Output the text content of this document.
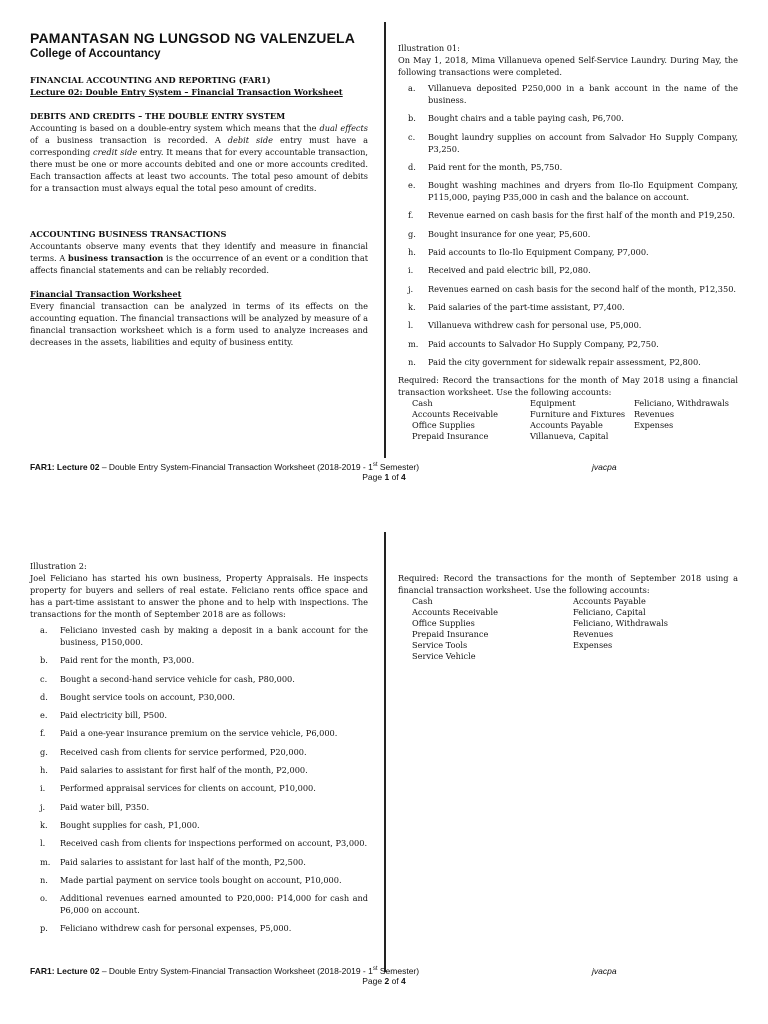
PAMANTASAN NG LUNGSOD NG VALENZUELA
College of Accountancy
FINANCIAL ACCOUNTING AND REPORTING (FAR1)
Lecture 02: Double Entry System – Financial Transaction Worksheet
DEBITS AND CREDITS – THE DOUBLE ENTRY SYSTEM
Accounting is based on a double-entry system which means that the dual effects of a business transaction is recorded. A debit side entry must have a corresponding credit side entry. It means that for every accountable transaction, there must be one or more accounts debited and one or more accounts credited. Each transaction affects at least two accounts. The total peso amount of debits for a transaction must always equal the total peso amount of credits.
ACCOUNTING BUSINESS TRANSACTIONS
Accountants observe many events that they identify and measure in financial terms. A business transaction is the occurrence of an event or a condition that affects financial statements and can be reliably recorded.
Financial Transaction Worksheet
Every financial transaction can be analyzed in terms of its effects on the accounting equation. The financial transactions will be analyzed by measure of a financial transaction worksheet which is a form used to analyze increases and decreases in the assets, liabilities and equity of business entity.
Illustration 01:
On May 1, 2018, Mima Villanueva opened Self-Service Laundry. During May, the following transactions were completed.
a. Villanueva deposited P250,000 in a bank account in the name of the business.
b. Bought chairs and a table paying cash, P6,700.
c. Bought laundry supplies on account from Salvador Ho Supply Company, P3,250.
d. Paid rent for the month, P5,750.
e. Bought washing machines and dryers from Ilo-Ilo Equipment Company, P115,000, paying P35,000 in cash and the balance on account.
f. Revenue earned on cash basis for the first half of the month and P19,250.
g. Bought insurance for one year, P5,600.
h. Paid accounts to Ilo-Ilo Equipment Company, P7,000.
i. Received and paid electric bill, P2,080.
j. Revenues earned on cash basis for the second half of the month, P12,350.
k. Paid salaries of the part-time assistant, P7,400.
l. Villanueva withdrew cash for personal use, P5,000.
m. Paid accounts to Salvador Ho Supply Company, P2,750.
n. Paid the city government for sidewalk repair assessment, P2,800.
Required: Record the transactions for the month of May 2018 using a financial transaction worksheet. Use the following accounts:
Cash	Equipment	Feliciano, Withdrawals
Accounts Receivable	Furniture and Fixtures	Revenues
Office Supplies	Accounts Payable	Expenses
Prepaid Insurance	Villanueva, Capital
FAR1: Lecture 02 – Double Entry System-Financial Transaction Worksheet (2018-2019 - 1st Semester)	jvacpa
Page 1 of 4
Illustration 2:
Joel Feliciano has started his own business, Property Appraisals. He inspects property for buyers and sellers of real estate. Feliciano rents office space and has a part-time assistant to answer the phone and to help with inspections. The transactions for the month of September 2018 are as follows:
a. Feliciano invested cash by making a deposit in a bank account for the business, P150,000.
b. Paid rent for the month, P3,000.
c. Bought a second-hand service vehicle for cash, P80,000.
d. Bought service tools on account, P30,000.
e. Paid electricity bill, P500.
f. Paid a one-year insurance premium on the service vehicle, P6,000.
g. Received cash from clients for service performed, P20,000.
h. Paid salaries to assistant for first half of the month, P2,000.
i. Performed appraisal services for clients on account, P10,000.
j. Paid water bill, P350.
k. Bought supplies for cash, P1,000.
l. Received cash from clients for inspections performed on account, P3,000.
m. Paid salaries to assistant for last half of the month, P2,500.
n. Made partial payment on service tools bought on account, P10,000.
o. Additional revenues earned amounted to P20,000: P14,000 for cash and P6,000 on account.
p. Feliciano withdrew cash for personal expenses, P5,000.
Required: Record the transactions for the month of September 2018 using a financial transaction worksheet. Use the following accounts:
Cash	Accounts Payable
Accounts Receivable	Feliciano, Capital
Office Supplies	Feliciano, Withdrawals
Prepaid Insurance	Revenues
Service Tools	Expenses
Service Vehicle
FAR1: Lecture 02 – Double Entry System-Financial Transaction Worksheet (2018-2019 - 1st Semester)	jvacpa
Page 2 of 4
